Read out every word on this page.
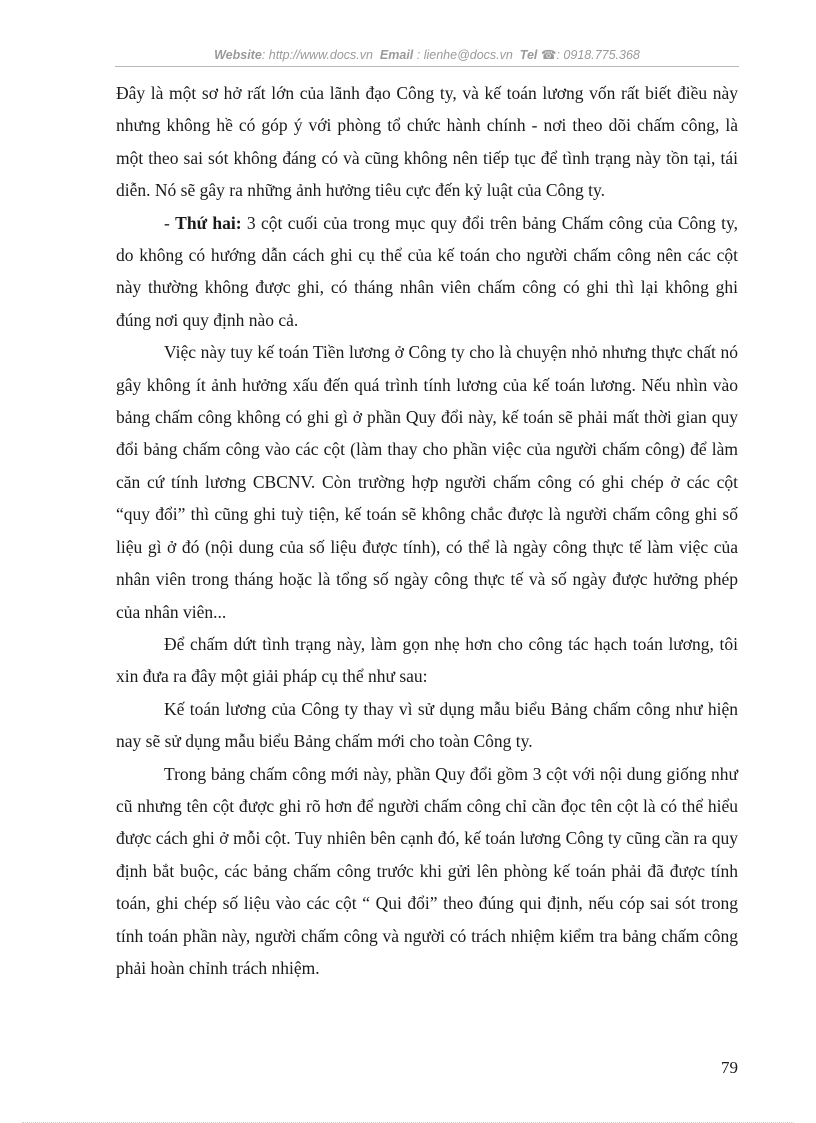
Website: http://www.docs.vn Email : lienhe@docs.vn Tel ☎: 0918.775.368

Đây là một sơ hở rất lớn của lãnh đạo Công ty, và kế toán lương vốn rất biết điều này nhưng không hề có góp ý với phòng tổ chức hành chính - nơi theo dõi chấm công, là một theo sai sót không đáng có và cũng không nên tiếp tục để tình trạng này tồn tại, tái diễn. Nó sẽ gây ra những ảnh hưởng tiêu cực đến kỷ luật của Công ty.

- Thứ hai: 3 cột cuối của trong mục quy đổi trên bảng Chấm công của Công ty, do không có hướng dẫn cách ghi cụ thể của kế toán cho người chấm công nên các cột này thường không được ghi, có tháng nhân viên chấm công có ghi thì lại không ghi đúng nơi quy định nào cả.

Việc này tuy kế toán Tiền lương ở Công ty cho là chuyện nhỏ nhưng thực chất nó gây không ít ảnh hưởng xấu đến quá trình tính lương của kế toán lương. Nếu nhìn vào bảng chấm công không có ghi gì ở phần Quy đổi này, kế toán sẽ phải mất thời gian quy đổi bảng chấm công vào các cột (làm thay cho phần việc của người chấm công) để làm căn cứ tính lương CBCNV. Còn trường hợp người chấm công có ghi chép ở các cột “quy đổi” thì cũng ghi tuỳ tiện, kế toán sẽ không chắc được là người chấm công ghi số liệu gì ở đó (nội dung của số liệu được tính), có thể là ngày công thực tế làm việc của nhân viên trong tháng hoặc là tổng số ngày công thực tế và số ngày được hưởng phép của nhân viên...

Để chấm dứt tình trạng này, làm gọn nhẹ hơn cho công tác hạch toán lương, tôi xin đưa ra đây một giải pháp cụ thể như sau:

Kế toán lương của Công ty thay vì sử dụng mẫu biểu Bảng chấm công như hiện nay sẽ sử dụng mẫu biểu Bảng chấm mới cho toàn Công ty.

Trong bảng chấm công mới này, phần Quy đổi gồm 3 cột với nội dung giống như cũ nhưng tên cột được ghi rõ hơn để người chấm công chỉ cần đọc tên cột là có thể hiểu được cách ghi ở mỗi cột. Tuy nhiên bên cạnh đó, kế toán lương Công ty cũng cần ra quy định bắt buộc, các bảng chấm công trước khi gửi lên phòng kế toán phải đã được tính toán, ghi chép số liệu vào các cột “ Qui đổi” theo đúng qui định, nếu cóp sai sót trong tính toán phần này, người chấm công và người có trách nhiệm kiểm tra bảng chấm công phải hoàn chỉnh trách nhiệm.

79
